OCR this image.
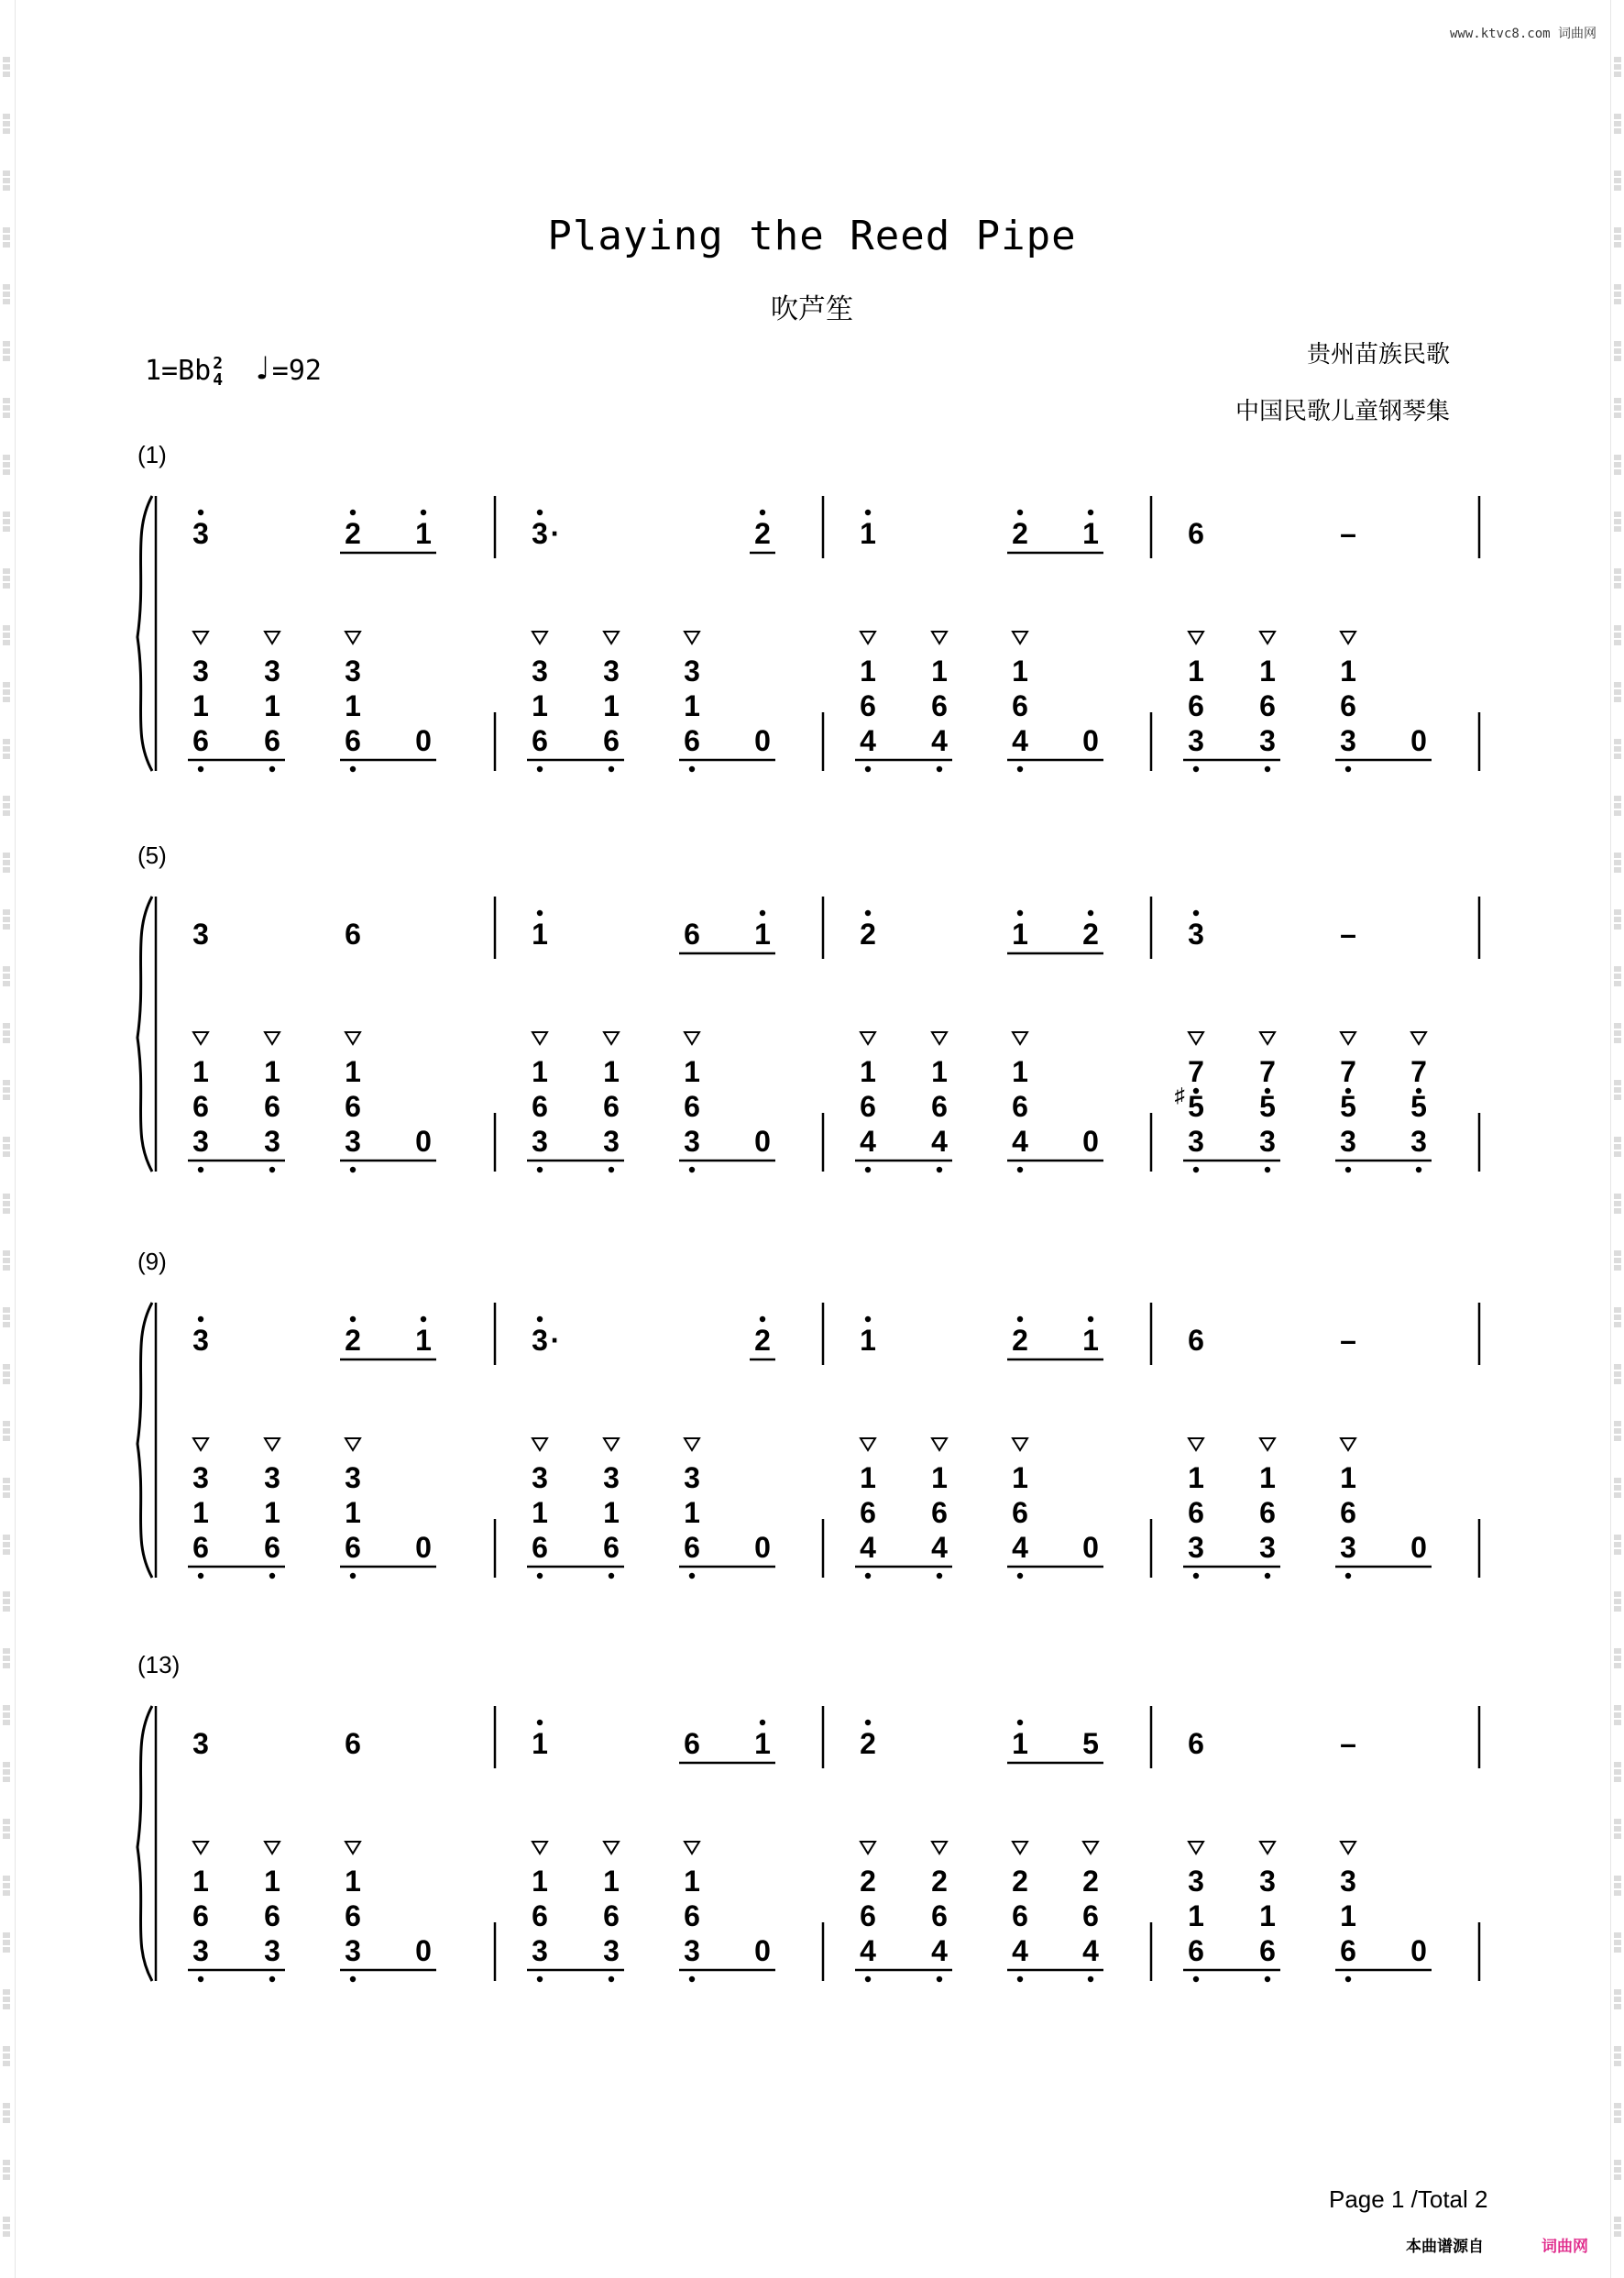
www.ktvc8.com 词曲网
Playing the Reed Pipe
吹芦笙
1=Bb 2
4 ♩=92	贵州苗族民歌
中国民歌儿童钢琴集
(1)
3	2 1
3
1
6
3
1
6
3
1
6 0
3 ·	2
3
1
6
3
1
6
3
1
6 0
1	2 1
1
6
4
1
6
4
1
6
4 0
6	–
1
6
3
1
6
3
1
6
3 0
(5)
3	6
1
6
3
1
6
3
1
6
3 0
1	6 1
1
6
3
1
6
3
1
6
3 0
2	1 2
1
6
4
1
6
4
1
6
4 0
3	–
7
5
♯
3
7
5
3
7
5
3
7
5
3
(9)
3	2 1
3
1
6
3
1
6
3
1
6 0
3 ·	2
3
1
6
3
1
6
3
1
6 0
1	2 1
1
6
4
1
6
4
1
6
4 0
6	–
1
6
3
1
6
3
1
6
3 0
(13)
3	6
1
6
3
1
6
3
1
6
3 0
1	6 1
1
6
3
1
6
3
1
6
3 0
2	1 5
2
6
4
2
6
4
2
6
4
2
6
4
6	–
3
1
6
3
1
6
3
1
6 0
Page 1 /Total 2
本曲谱源自	词曲网
